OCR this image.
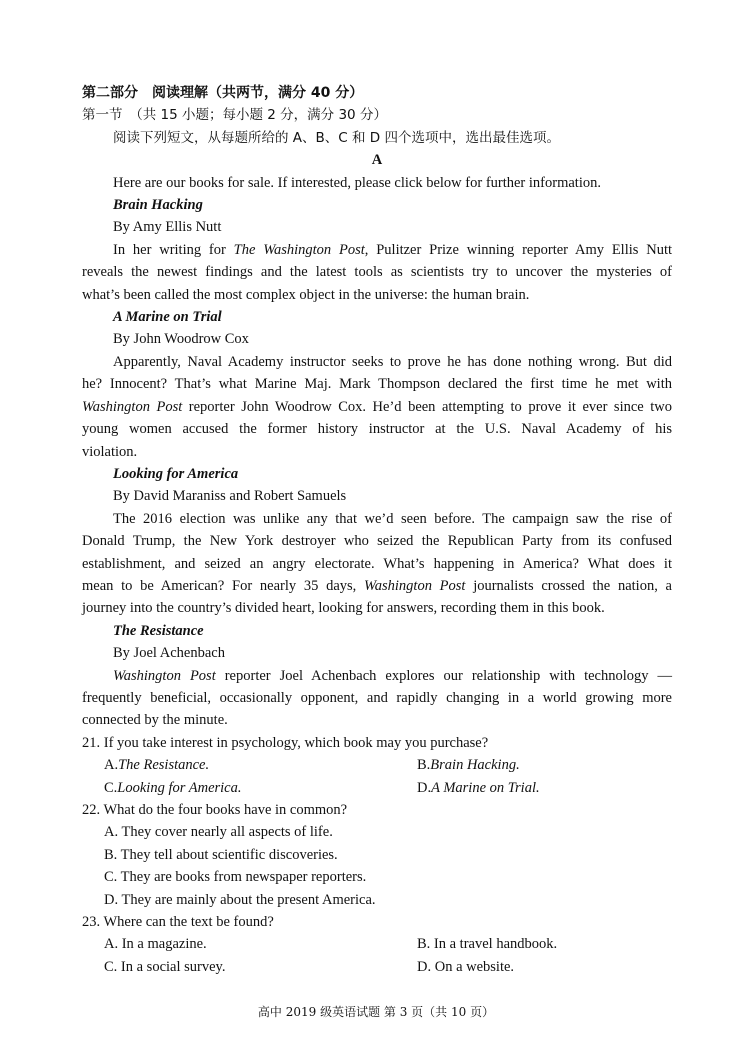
第二部分　阅读理解（共两节，满分 40 分）
第一节　（共 15 小题；每小题 2 分，满分 30 分）
阅读下列短文，从每题所给的 A、B、C 和 D 四个选项中，选出最佳选项。
A
Here are our books for sale. If interested, please click below for further information.
Brain Hacking
By Amy Ellis Nutt
In her writing for The Washington Post, Pulitzer Prize winning reporter Amy Ellis Nutt
reveals the newest findings and the latest tools as scientists try to uncover the mysteries of
what’s been called the most complex object in the universe: the human brain.
A Marine on Trial
By John Woodrow Cox
Apparently, Naval Academy instructor seeks to prove he has done nothing wrong. But did
he? Innocent? That’s what Marine Maj. Mark Thompson declared the first time he met with
Washington Post reporter John Woodrow Cox. He’d been attempting to prove it ever since two
young women accused the former history instructor at the U.S. Naval Academy of his
violation.
Looking for America
By David Maraniss and Robert Samuels
The 2016 election was unlike any that we’d seen before. The campaign saw the rise of
Donald Trump, the New York destroyer who seized the Republican Party from its confused
establishment, and seized an angry electorate. What’s happening in America? What does it
mean to be American? For nearly 35 days, Washington Post journalists crossed the nation, a
journey into the country’s divided heart, looking for answers, recording them in this book.
The Resistance
By Joel Achenbach
Washington Post reporter Joel Achenbach explores our relationship with technology —
frequently beneficial, occasionally opponent, and rapidly changing in a world growing more
connected by the minute.
21. If you take interest in psychology, which book may you purchase?
A.The Resistance.	B.Brain Hacking.
C.Looking for America.	D.A Marine on Trial.
22. What do the four books have in common?
A. They cover nearly all aspects of life.
B. They tell about scientific discoveries.
C. They are books from newspaper reporters.
D. They are mainly about the present America.
23. Where can the text be found?
A. In a magazine.	B. In a travel handbook.
C. In a social survey.	D. On a website.
高中 2019 级英语试题 第 3 页（共 10 页）
